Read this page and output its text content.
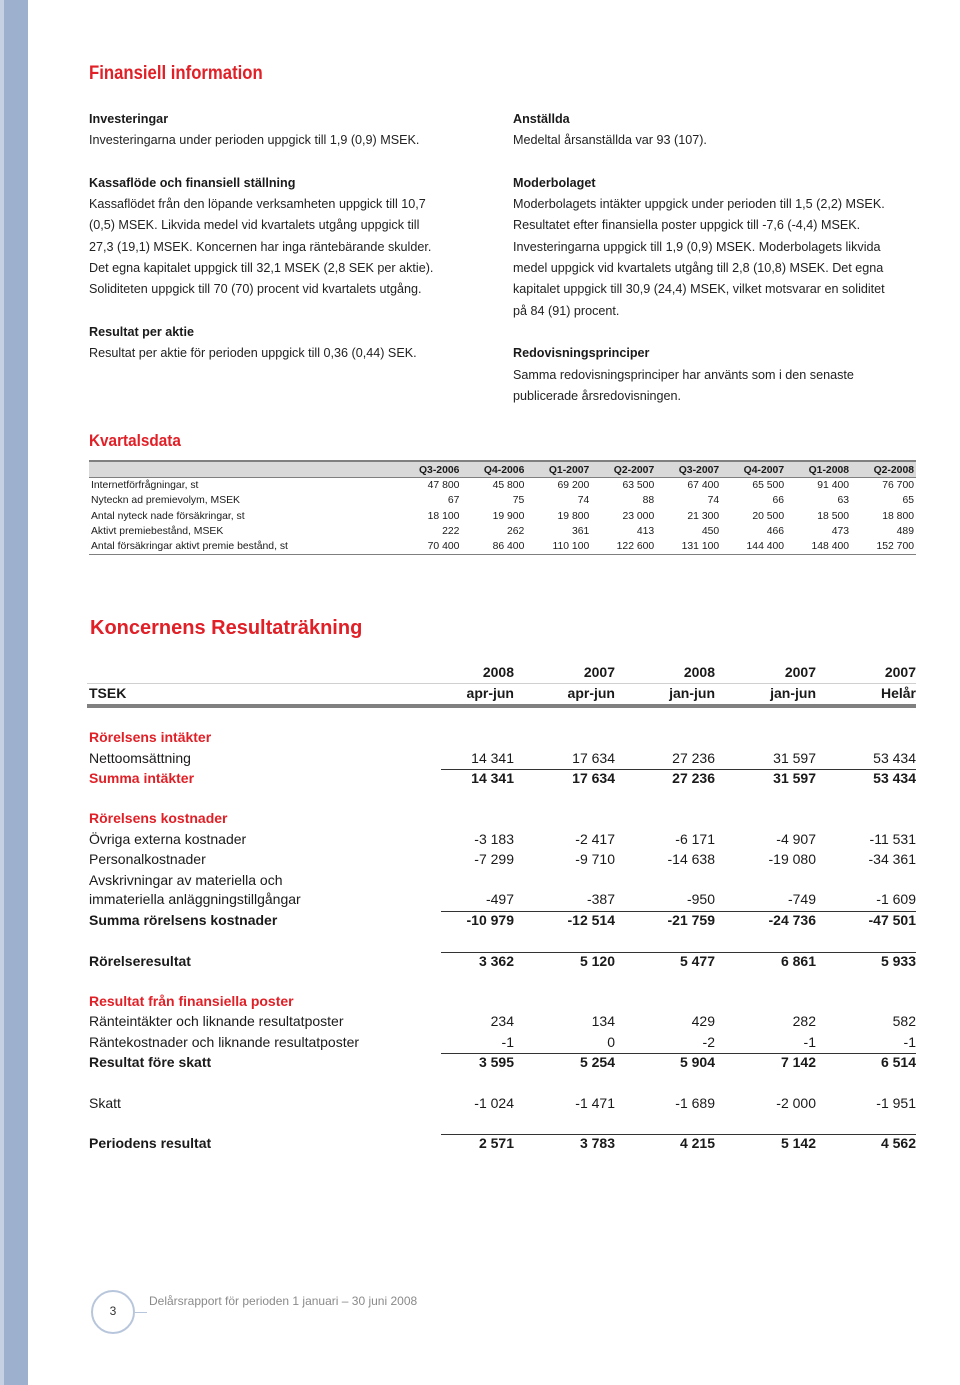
Finansiell information
Investeringar
Investeringarna under perioden uppgick till 1,9 (0,9) MSEK.
Kassaflöde och finansiell ställning
Kassaflödet från den löpande verksamheten uppgick till 10,7
(0,5) MSEK. Likvida medel vid kvartalets utgång uppgick till
27,3 (19,1) MSEK. Koncernen har inga räntebärande skulder.
Det egna kapitalet uppgick till 32,1 MSEK (2,8 SEK per aktie).
Soliditeten uppgick till 70 (70) procent vid kvartalets utgång.
Resultat per aktie
Resultat per aktie för perioden uppgick till 0,36 (0,44) SEK.
Anställda
Medeltal årsanställda var 93 (107).
Moderbolaget
Moderbolagets intäkter uppgick under perioden till 1,5 (2,2) MSEK.
Resultatet efter finansiella poster uppgick till -7,6 (-4,4) MSEK.
Investeringarna uppgick till 1,9 (0,9) MSEK. Moderbolagets likvida
medel uppgick vid kvartalets utgång till 2,8 (10,8) MSEK. Det egna
kapitalet uppgick till 30,9 (24,4) MSEK, vilket motsvarar en soliditet
på 84 (91) procent.
Redovisningsprinciper
Samma redovisningsprinciper har använts som i den senaste
publicerade årsredovisningen.
Kvartalsdata
	Q3-2006	Q4-2006	Q1-2007	Q2-2007	Q3-2007	Q4-2007	Q1-2008	Q2-2008
Internetförfrågningar, st	47 800	45 800	69 200	63 500	67 400	65 500	91 400	76 700
Nyteckn ad premievolym, MSEK	67	75	74	88	74	66	63	65
Antal nyteck nade försäkringar, st	18 100	19 900	19 800	23 000	21 300	20 500	18 500	18 800
Aktivt premiebestånd, MSEK	222	262	361	413	450	466	473	489
Antal försäkringar aktivt premie bestånd, st	70 400	86 400	110 100	122 600	131 100	144 400	148 400	152 700
Koncernens Resultaträkning
TSEK
2008	2007	2008	2007	2007
apr-jun	apr-jun	jan-jun	jan-jun	Helår
Rörelsens intäkter
Nettoomsättning	14 341	17 634	27 236	31 597	53 434
Summa intäkter	14 341	17 634	27 236	31 597	53 434
Rörelsens kostnader
Övriga externa kostnader	-3 183	-2 417	-6 171	-4 907	-11 531
Personalkostnader	-7 299	-9 710	-14 638	-19 080	-34 361
Avskrivningar av materiella och
immateriella anläggningstillgångar	-497	-387	-950	-749	-1 609
Summa rörelsens kostnader	-10 979	-12 514	-21 759	-24 736	-47 501
Rörelseresultat	3 362	5 120	5 477	6 861	5 933
Resultat från finansiella poster
Ränteintäkter och liknande resultatposter	234	134	429	282	582
Räntekostnader och liknande resultatposter	-1	0	-2	-1	-1
Resultat före skatt	3 595	5 254	5 904	7 142	6 514
Skatt	-1 024	-1 471	-1 689	-2 000	-1 951
Periodens resultat	2 571	3 783	4 215	5 142	4 562
3
Delårsrapport för perioden 1 januari – 30 juni 2008
